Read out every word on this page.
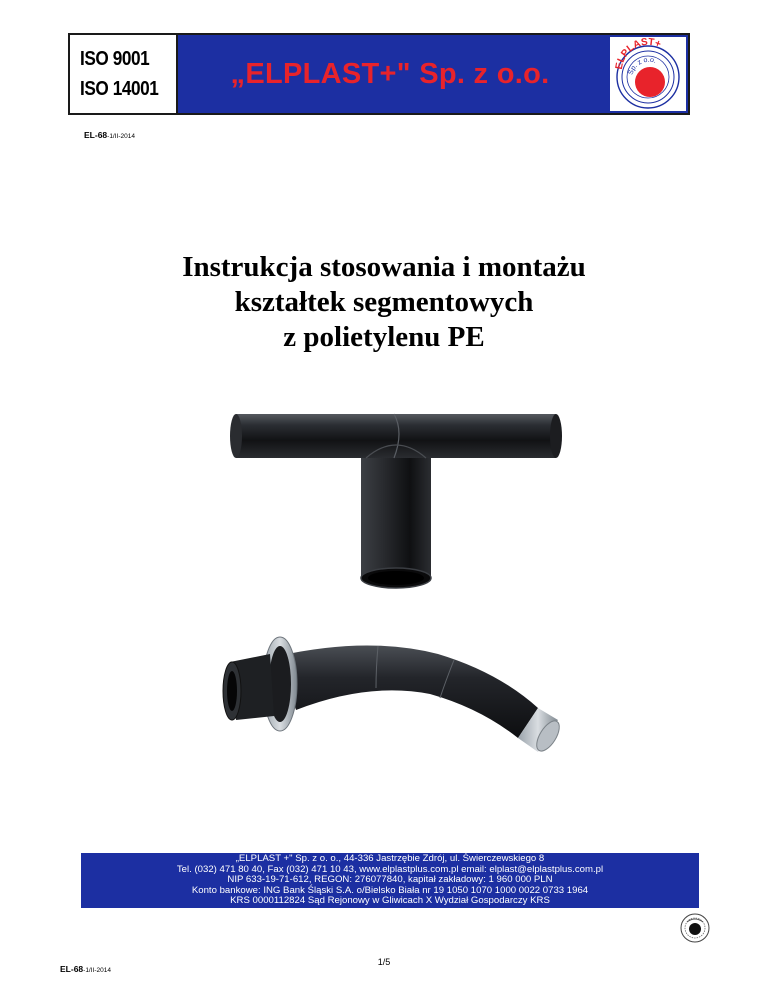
ISO 9001
ISO 14001 „ELPLAST+" Sp. z o.o.	ELPLAST+
Sp. z o.o.
EL-68-1/II-2014
Instrukcja stosowania i montażu
kształtek segmentowych
z polietylenu PE
„ELPLAST +" Sp. z o. o., 44-336 Jastrzębie Zdrój, ul. Świerczewskiego 8
Tel. (032) 471 80 40, Fax (032) 471 10 43, www.elplastplus.com.pl email: elplast@elplastplus.com.pl
NIP 633-19-71-612, REGON: 276077840, kapitał zakładowy: 1 960 000 PLN
Konto bankowe: ING Bank Śląski S.A. o/Bielsko Biała nr 19 1050 1070 1000 0022 0733 1964
KRS 0000112824 Sąd Rejonowy w Gliwicach X Wydział Gospodarczy KRS
EL-68-1/II-2014
1/5
